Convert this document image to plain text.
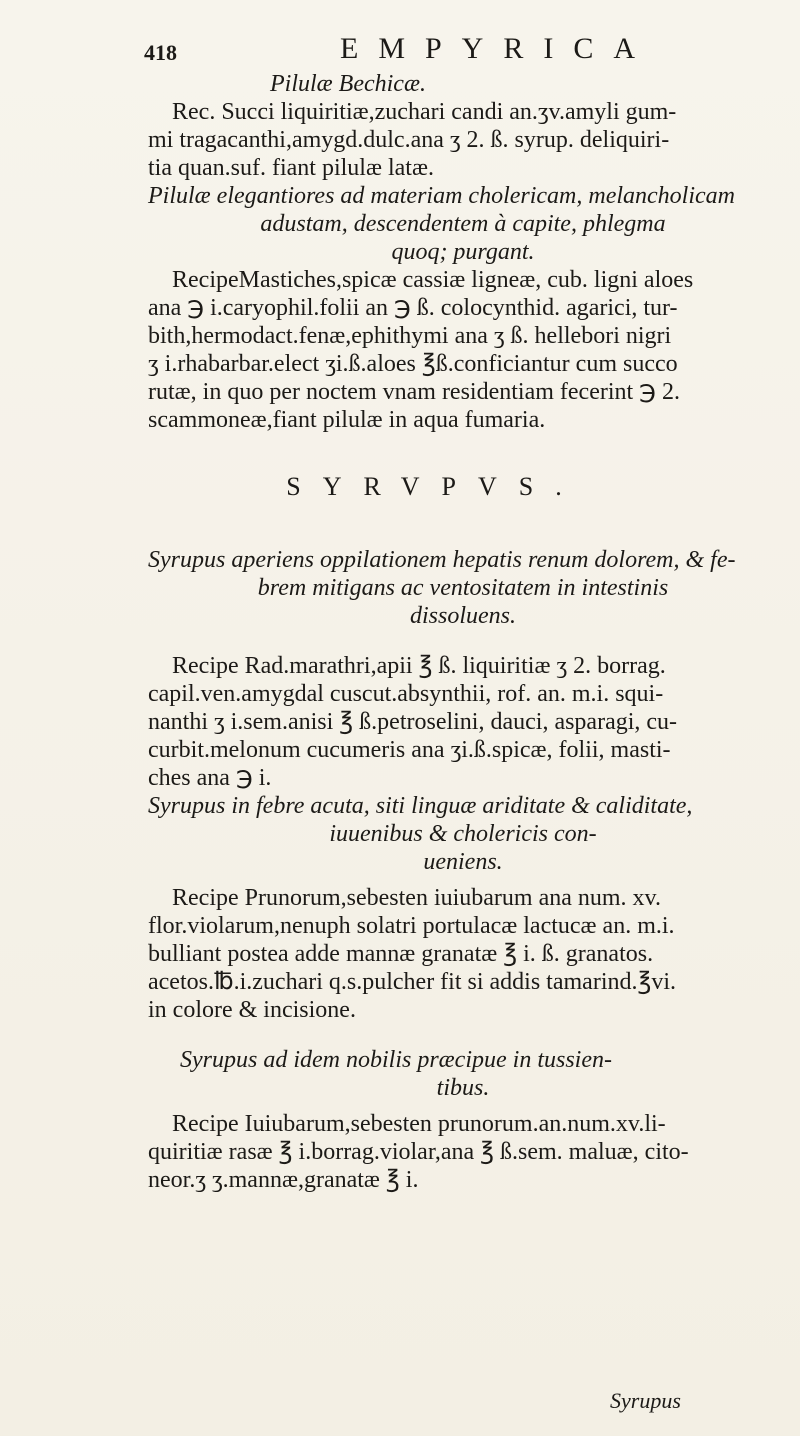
418	EMPYRICA
Pilulæ Bechicæ.
Rec. Succi liquiritiæ,zuchari candi an.ʒv.amyli gum-
mi tragacanthi,amygd.dulc.ana ʒ 2. ß. syrup. deliquiri-
tia quan.suf. fiant pilulæ latæ.
Pilulæ elegantiores ad materiam cholericam, melancholicam
adustam, descendentem à capite, phlegma
quoq; purgant.
RecipeMastiches,spicæ cassiæ ligneæ, cub. ligni aloes
ana ℈ i.caryophil.folii an ℈ ß. colocynthid. agarici, tur-
bith,hermodact.fenæ,ephithymi ana ʒ ß. hellebori nigri
ʒ i.rhabarbar.elect ʒi.ß.aloes ℥ß.conficiantur cum succo
rutæ, in quo per noctem vnam residentiam fecerint ℈ 2.
scammoneæ,fiant pilulæ in aqua fumaria.
SYRVPVS.
Syrupus aperiens oppilationem hepatis renum dolorem, & fe-
brem mitigans ac ventositatem in intestinis
dissoluens.
Recipe Rad.marathri,apii ℥ ß. liquiritiæ ʒ 2. borrag.
capil.ven.amygdal cuscut.absynthii, rof. an. m.i. squi-
nanthi ʒ i.sem.anisi ℥ ß.petroselini, dauci, asparagi, cu-
curbit.melonum cucumeris ana ʒi.ß.spicæ, folii, masti-
ches ana ℈ i.
Syrupus in febre acuta, siti linguæ ariditate & caliditate,
iuuenibus & cholericis con-
ueniens.
Recipe Prunorum,sebesten iuiubarum ana num. xv.
flor.violarum,nenuph solatri portulacæ lactucæ an. m.i.
bulliant postea adde mannæ granatæ ℥ i. ß. granatos.
acetos.℔.i.zuchari q.s.pulcher fit si addis tamarind.℥vi.
in colore & incisione.
Syrupus ad idem nobilis præcipue in tussien-
tibus.
Recipe Iuiubarum,sebesten prunorum.an.num.xv.li-
quiritiæ rasæ ℥ i.borrag.violar,ana ℥ ß.sem. maluæ, cito-
neor.ʒ ʒ.mannæ,granatæ ℥ i.
Syrupus
